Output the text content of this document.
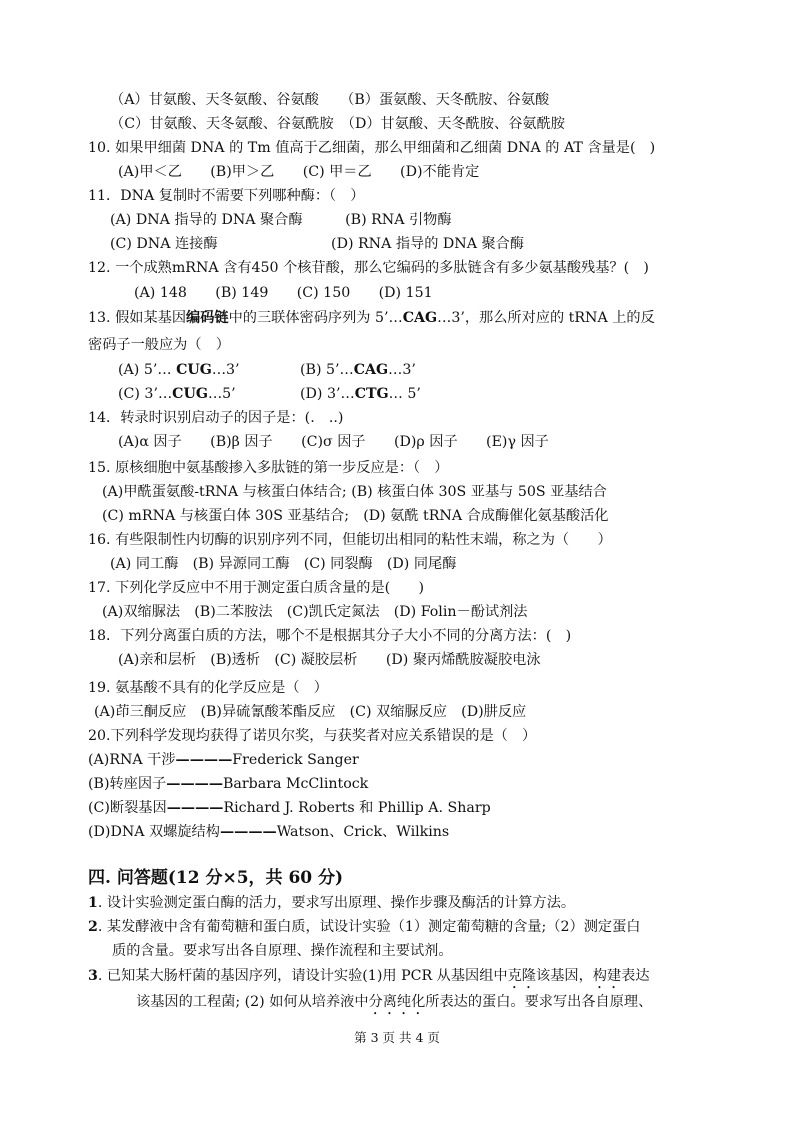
（A）甘氨酸、天冬氨酸、谷氨酸　　（B）蛋氨酸、天冬酰胺、谷氨酸
（C）甘氨酸、天冬氨酸、谷氨酰胺　（D）甘氨酸、天冬酰胺、谷氨酰胺
10. 如果甲细菌 DNA 的 Tm 值高于乙细菌，那么甲细菌和乙细菌 DNA 的 AT 含量是(　)
(A)甲＜乙　　(B)甲＞乙　　(C) 甲＝乙　　(D)不能肯定
11．DNA 复制时不需要下列哪种酶：（　）
(A) DNA 指导的 DNA 聚合酶　　　(B) RNA 引物酶
(C) DNA 连接酶　　　　　　　　(D) RNA 指导的 DNA 聚合酶
12. 一个成熟mRNA 含有450 个核苷酸，那么它编码的多肽链含有多少氨基酸残基？(　)
(A) 148　　(B) 149　　(C) 150　　(D) 151
13. 假如某基因编码链中的三联体密码序列为 5’…CAG…3’，那么所对应的 tRNA 上的反
密码子一般应为（　）
(A) 5’… CUG…3’	(B) 5’…CAG…3’
(C) 3’…CUG…5’	(D) 3’…CTG… 5’
14．转录时识别启动子的因子是：(.　..)
(A)α 因子　　(B)β 因子　　(C)σ 因子　　(D)ρ 因子　　(E)γ 因子
15. 原核细胞中氨基酸掺入多肽链的第一步反应是：（　）
(A)甲酰蛋氨酸-tRNA 与核蛋白体结合; (B) 核蛋白体 30S 亚基与 50S 亚基结合
(C) mRNA 与核蛋白体 30S 亚基结合;　(D) 氨酰 tRNA 合成酶催化氨基酸活化
16. 有些限制性内切酶的识别序列不同，但能切出相同的粘性末端，称之为（　　）
(A) 同工酶　(B) 异源同工酶　(C) 同裂酶　(D) 同尾酶
17. 下列化学反应中不用于测定蛋白质含量的是(　　)
(A)双缩脲法　(B)二苯胺法　(C)凯氏定氮法　(D) Folin－酚试剂法
18．下列分离蛋白质的方法，哪个不是根据其分子大小不同的分离方法：(　)
(A)亲和层析　(B)透析　(C) 凝胶层析　　(D) 聚丙烯酰胺凝胶电泳
19. 氨基酸不具有的化学反应是（　）
(A)茚三酮反应　(B)异硫氰酸苯酯反应　(C) 双缩脲反应　(D)肼反应
20.下列科学发现均获得了诺贝尔奖，与获奖者对应关系错误的是（　）
(A)RNA 干涉————Frederick Sanger
(B)转座因子————Barbara McClintock
(C)断裂基因————Richard J. Roberts 和 Phillip A. Sharp
(D)DNA 双螺旋结构————Watson、Crick、Wilkins
四. 问答题(12 分×5，共 60 分)
1. 设计实验测定蛋白酶的活力，要求写出原理、操作步骤及酶活的计算方法。
2. 某发酵液中含有葡萄糖和蛋白质，试设计实验（1）测定葡萄糖的含量;（2）测定蛋白
质的含量。要求写出各自原理、操作流程和主要试剂。
3. 已知某大肠杆菌的基因序列，请设计实验(1)用 PCR 从基因组中克隆该基因，构建表达
该基因的工程菌; (2) 如何从培养液中分离纯化所表达的蛋白。要求写出各自原理、
第 3 页 共 4 页
